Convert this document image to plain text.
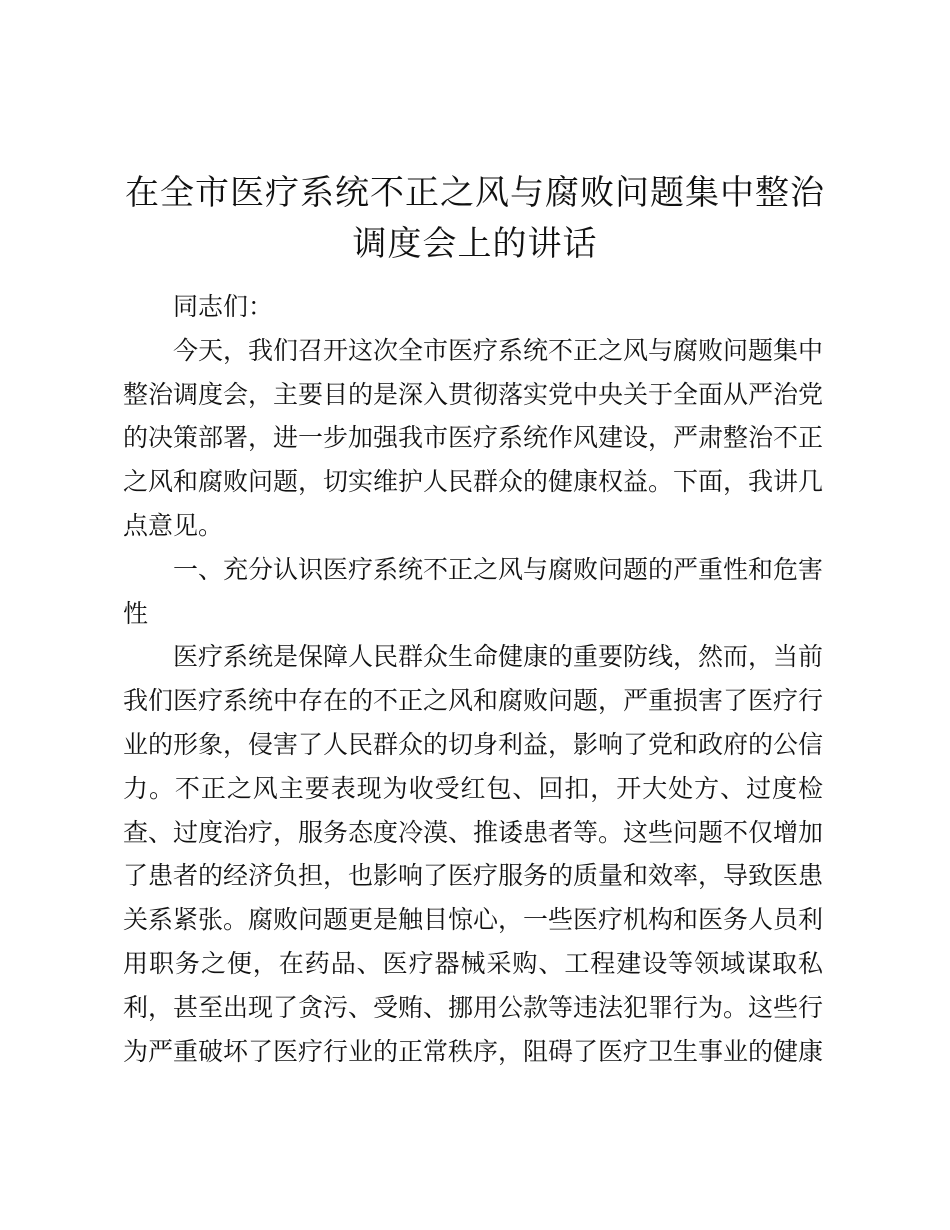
在全市医疗系统不正之风与腐败问题集中整治
调度会上的讲话

同志们：

今天，我们召开这次全市医疗系统不正之风与腐败问题集中整治调度会，主要目的是深入贯彻落实党中央关于全面从严治党的决策部署，进一步加强我市医疗系统作风建设，严肃整治不正之风和腐败问题，切实维护人民群众的健康权益。下面，我讲几点意见。

一、充分认识医疗系统不正之风与腐败问题的严重性和危害性

医疗系统是保障人民群众生命健康的重要防线，然而，当前我们医疗系统中存在的不正之风和腐败问题，严重损害了医疗行业的形象，侵害了人民群众的切身利益，影响了党和政府的公信力。不正之风主要表现为收受红包、回扣，开大处方、过度检查、过度治疗，服务态度冷漠、推诿患者等。这些问题不仅增加了患者的经济负担，也影响了医疗服务的质量和效率，导致医患关系紧张。腐败问题更是触目惊心，一些医疗机构和医务人员利用职务之便，在药品、医疗器械采购、工程建设等领域谋取私利，甚至出现了贪污、受贿、挪用公款等违法犯罪行为。这些行为严重破坏了医疗行业的正常秩序，阻碍了医疗卫生事业的健康
